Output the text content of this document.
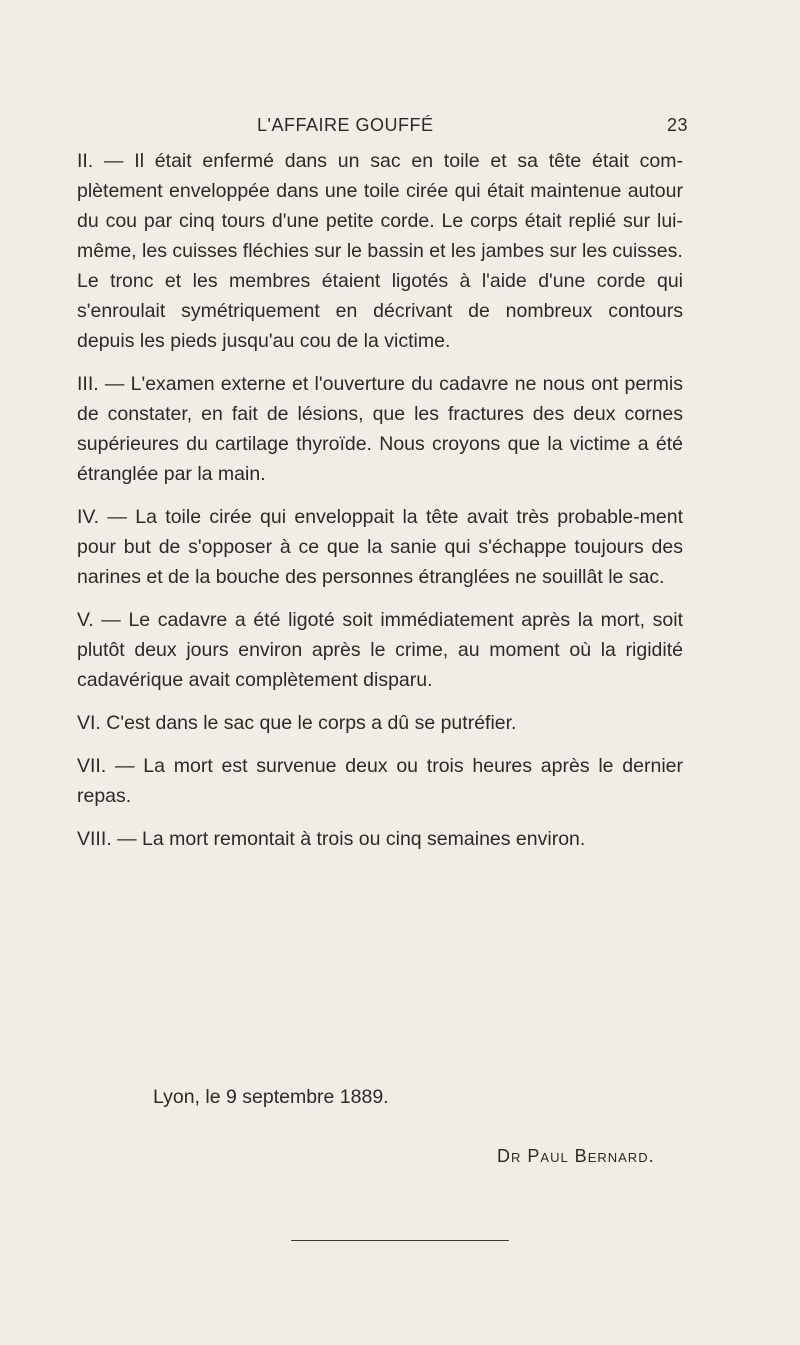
L'AFFAIRE GOUFFÉ	23

II. — Il était enfermé dans un sac en toile et sa tête était com-plètement enveloppée dans une toile cirée qui était maintenue autour du cou par cinq tours d'une petite corde. Le corps était replié sur lui-même, les cuisses fléchies sur le bassin et les jambes sur les cuisses.

Le tronc et les membres étaient ligotés à l'aide d'une corde qui s'enroulait symétriquement en décrivant de nombreux contours depuis les pieds jusqu'au cou de la victime.

III. — L'examen externe et l'ouverture du cadavre ne nous ont permis de constater, en fait de lésions, que les fractures des deux cornes supérieures du cartilage thyroïde. Nous croyons que la victime a été étranglée par la main.

IV. — La toile cirée qui enveloppait la tête avait très probable-ment pour but de s'opposer à ce que la sanie qui s'échappe toujours des narines et de la bouche des personnes étranglées ne souillât le sac.

V. — Le cadavre a été ligoté soit immédiatement après la mort, soit plutôt deux jours environ après le crime, au moment où la rigidité cadavérique avait complètement disparu.

VI. C'est dans le sac que le corps a dû se putréfier.

VII. — La mort est survenue deux ou trois heures après le dernier repas.

VIII. — La mort remontait à trois ou cinq semaines environ.

Lyon, le 9 septembre 1889.
Dr Paul Bernard.
